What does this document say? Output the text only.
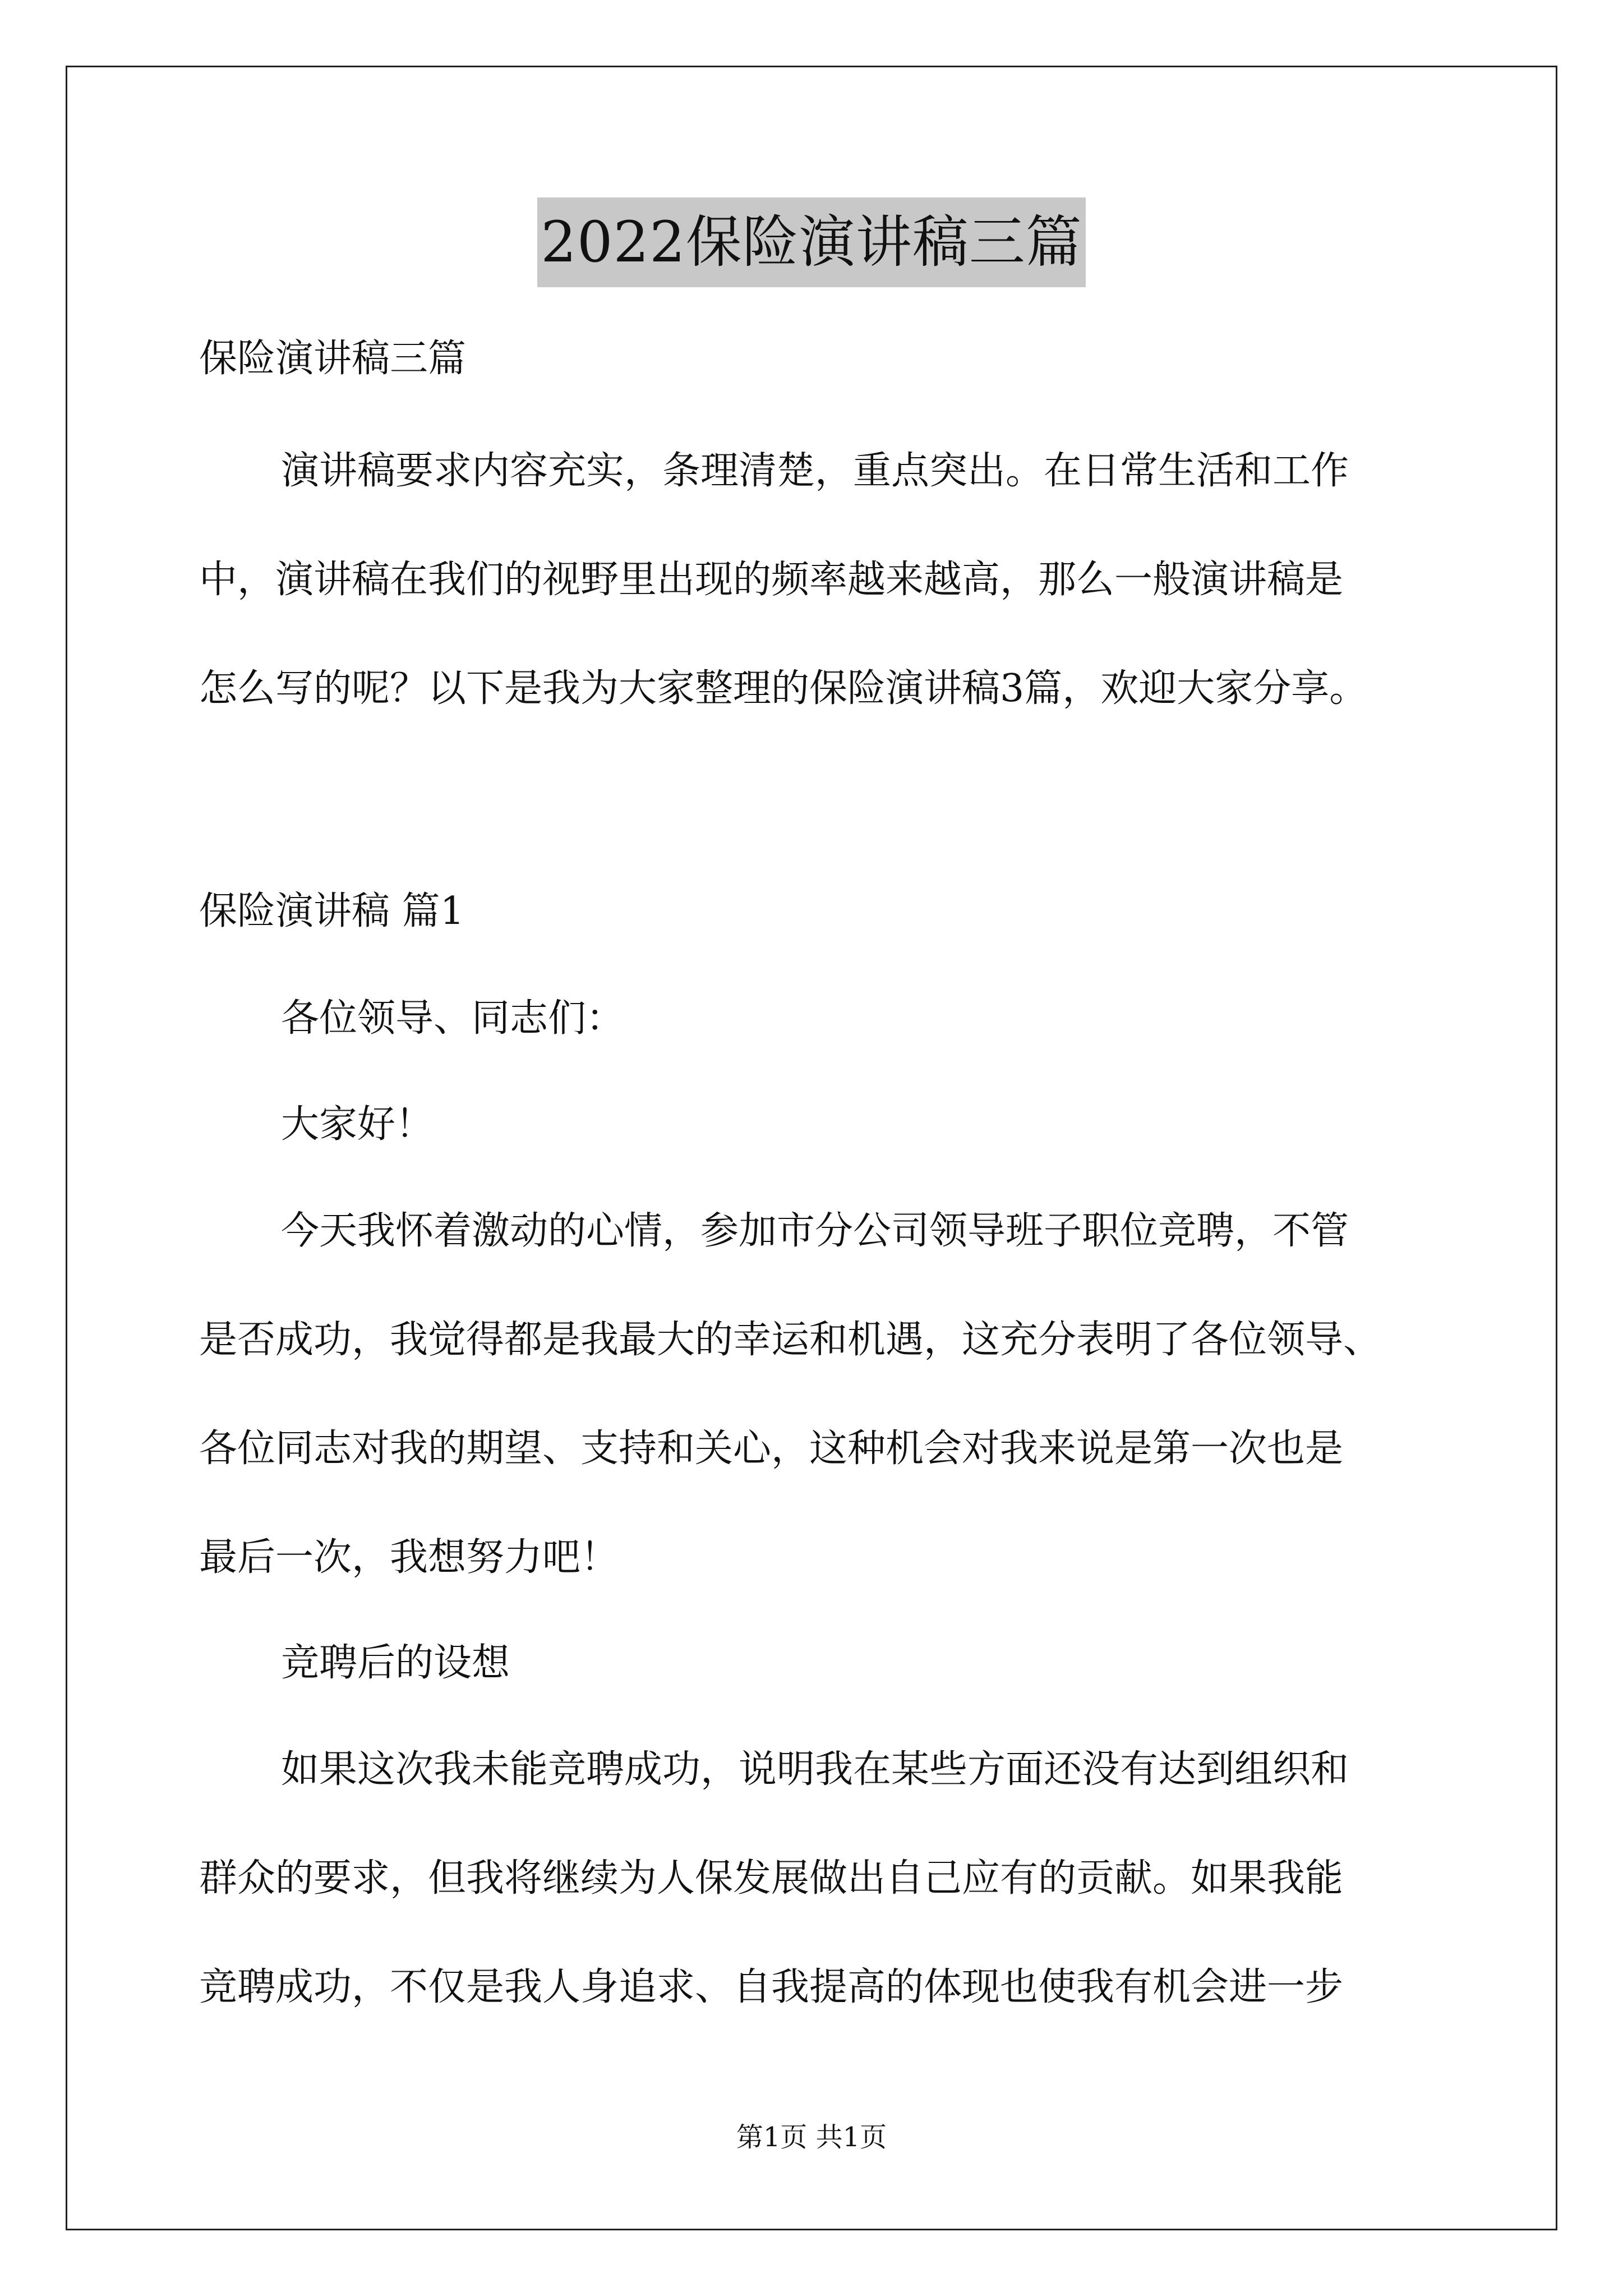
2022保险演讲稿三篇
保险演讲稿三篇
演讲稿要求内容充实，条理清楚，重点突出。在日常生活和工作
中，演讲稿在我们的视野里出现的频率越来越高，那么一般演讲稿是
怎么写的呢？以下是我为大家整理的保险演讲稿3篇，欢迎大家分享。
保险演讲稿 篇1
各位领导、同志们：
大家好！
今天我怀着激动的心情，参加市分公司领导班子职位竞聘，不管
是否成功，我觉得都是我最大的幸运和机遇，这充分表明了各位领导、
各位同志对我的期望、支持和关心，这种机会对我来说是第一次也是
最后一次，我想努力吧！
竞聘后的设想
如果这次我未能竞聘成功，说明我在某些方面还没有达到组织和
群众的要求，但我将继续为人保发展做出自己应有的贡献。如果我能
竞聘成功，不仅是我人身追求、自我提高的体现也使我有机会进一步
第1页 共1页
